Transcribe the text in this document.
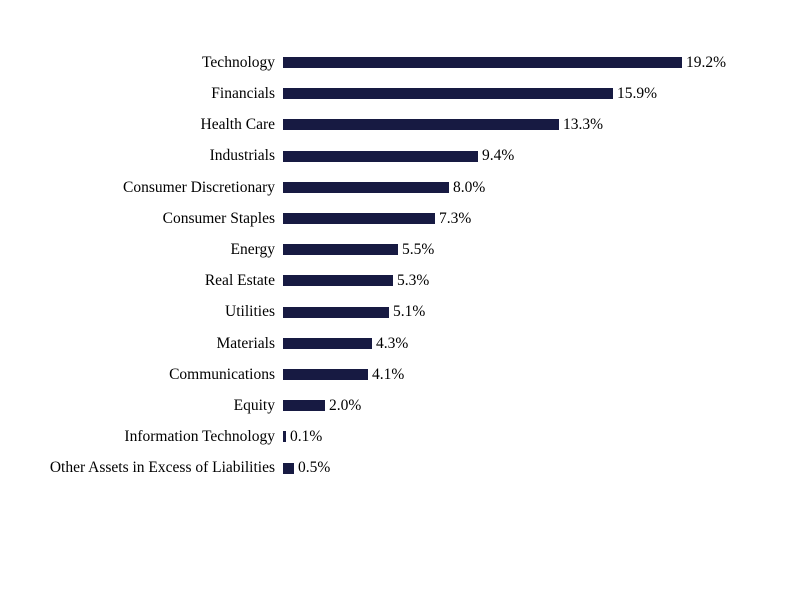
Technology	19.2%
Financials	15.9%
Health Care	13.3%
Industrials	9.4%
Consumer Discretionary	8.0%
Consumer Staples	7.3%
Energy	5.5%
Real Estate	5.3%
Utilities	5.1%
Materials	4.3%
Communications	4.1%
Equity	2.0%
Information Technology 0.1%
Other Assets in Excess of Liabilities	0.5%
